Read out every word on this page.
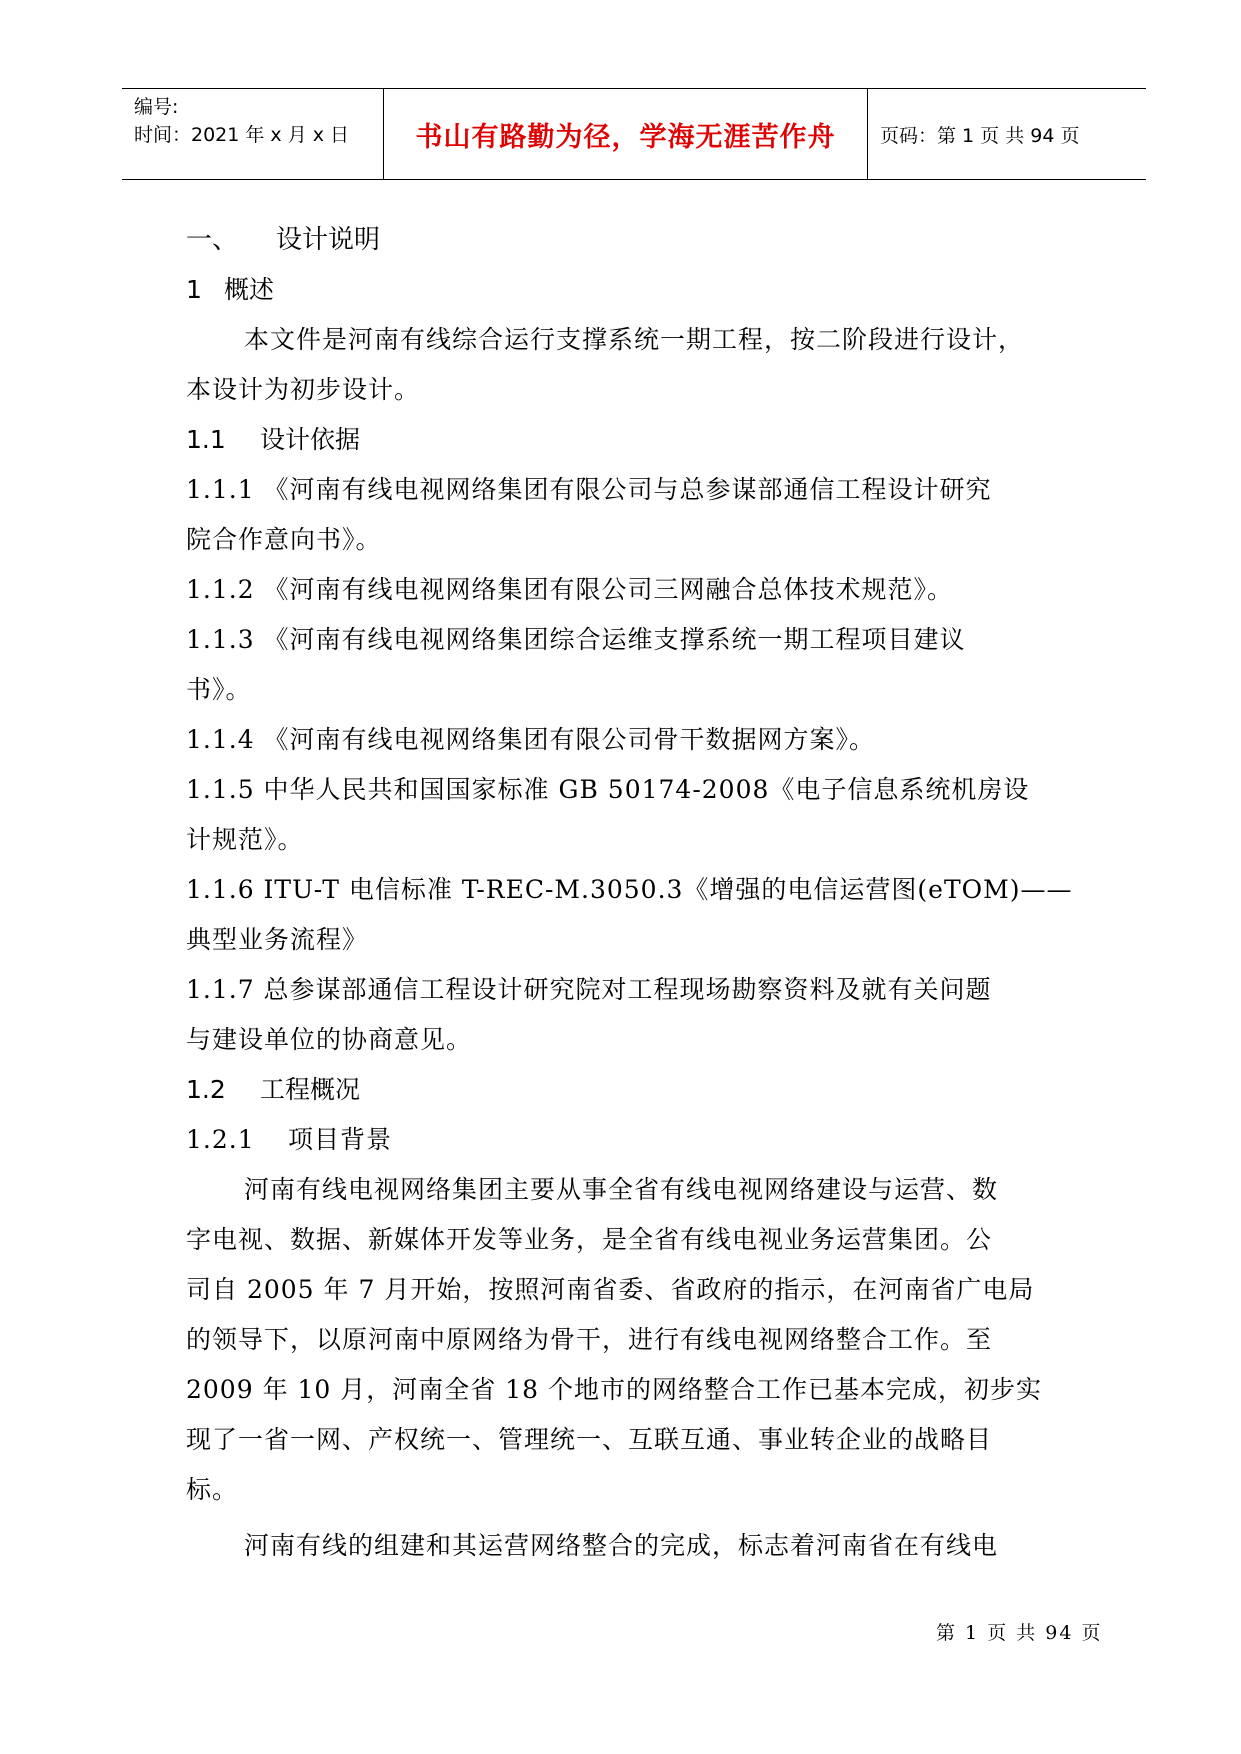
编号:
时间：2021 年 x 月 x 日	书山有路勤为径，学海无涯苦作舟	页码：第 1 页 共 94 页

一、 设计说明

1 概述

本文件是河南有线综合运行支撑系统一期工程，按二阶段进行设计，

本设计为初步设计。

1.1 设计依据

1.1.1 《河南有线电视网络集团有限公司与总参谋部通信工程设计研究

院合作意向书》。

1.1.2 《河南有线电视网络集团有限公司三网融合总体技术规范》。

1.1.3 《河南有线电视网络集团综合运维支撑系统一期工程项目建议

书》。

1.1.4 《河南有线电视网络集团有限公司骨干数据网方案》。

1.1.5 中华人民共和国国家标准 GB 50174-2008《电子信息系统机房设

计规范》。

1.1.6 ITU-T 电信标准 T-REC-M.3050.3《增强的电信运营图(eTOM)——

典型业务流程》

1.1.7 总参谋部通信工程设计研究院对工程现场勘察资料及就有关问题

与建设单位的协商意见。

1.2 工程概况

1.2.1 项目背景

河南有线电视网络集团主要从事全省有线电视网络建设与运营、数

字电视、数据、新媒体开发等业务，是全省有线电视业务运营集团。公

司自 2005 年 7 月开始，按照河南省委、省政府的指示，在河南省广电局

的领导下，以原河南中原网络为骨干，进行有线电视网络整合工作。至

2009 年 10 月，河南全省 18 个地市的网络整合工作已基本完成，初步实

现了一省一网、产权统一、管理统一、互联互通、事业转企业的战略目

标。

河南有线的组建和其运营网络整合的完成，标志着河南省在有线电

第 1 页 共 94 页
